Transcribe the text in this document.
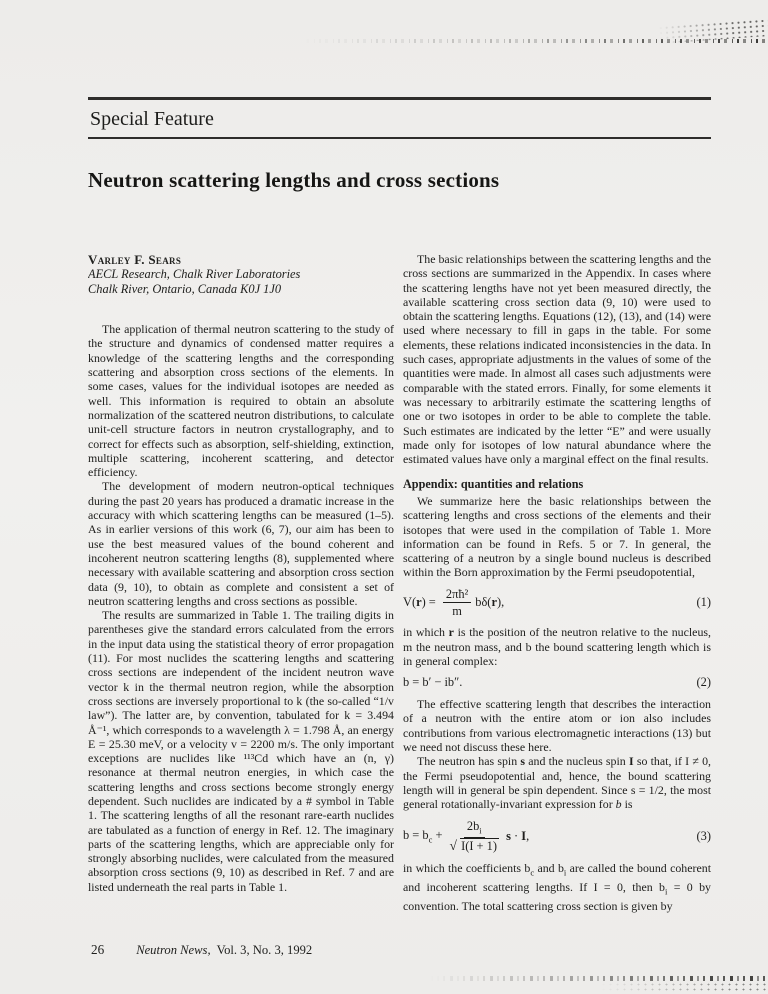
Special Feature
Neutron scattering lengths and cross sections
Varley F. Sears
AECL Research, Chalk River Laboratories
Chalk River, Ontario, Canada K0J 1J0

The application of thermal neutron scattering to the study of the structure and dynamics of condensed matter requires a knowledge of the scattering lengths and the corresponding scattering and absorption cross sections of the elements. In some cases, values for the individual isotopes are needed as well. This information is required to obtain an absolute normalization of the scattered neutron distributions, to calculate unit-cell structure factors in neutron crystallography, and to correct for effects such as absorption, self-shielding, extinction, multiple scattering, incoherent scattering, and detector efficiency.

The development of modern neutron-optical techniques during the past 20 years has produced a dramatic increase in the accuracy with which scattering lengths can be measured (1–5). As in earlier versions of this work (6, 7), our aim has been to use the best measured values of the bound coherent and incoherent neutron scattering lengths (8), supplemented where necessary with available scattering and absorption cross section data (9, 10), to obtain as complete and consistent a set of neutron scattering lengths and cross sections as possible.

The results are summarized in Table 1. The trailing digits in parentheses give the standard errors calculated from the errors in the input data using the statistical theory of error propagation (11). For most nuclides the scattering lengths and scattering cross sections are independent of the incident neutron wave vector k in the thermal neutron region, while the absorption cross sections are inversely proportional to k (the so-called “1/v law”). The latter are, by convention, tabulated for k = 3.494 Å⁻¹, which corresponds to a wavelength λ = 1.798 Å, an energy E = 25.30 meV, or a velocity v = 2200 m/s. The only important exceptions are nuclides like ¹¹³Cd which have an (n, γ) resonance at thermal neutron energies, in which case the scattering lengths and cross sections become strongly energy dependent. Such nuclides are indicated by a # symbol in Table 1. The scattering lengths of all the resonant rare-earth nuclides are tabulated as a function of energy in Ref. 12. The imaginary parts of the scattering lengths, which are appreciable only for strongly absorbing nuclides, were calculated from the measured absorption cross sections (9, 10) as described in Ref. 7 and are listed underneath the real parts in Table 1.

The basic relationships between the scattering lengths and the cross sections are summarized in the Appendix. In cases where the scattering lengths have not yet been measured directly, the available scattering cross section data (9, 10) were used to obtain the scattering lengths. Equations (12), (13), and (14) were used where necessary to fill in gaps in the table. For some elements, these relations indicated inconsistencies in the data. In such cases, appropriate adjustments in the values of some of the quantities were made. In almost all cases such adjustments were comparable with the stated errors. Finally, for some elements it was necessary to arbitrarily estimate the scattering lengths of one or two isotopes in order to be able to complete the table. Such estimates are indicated by the letter “E” and were usually made only for isotopes of low natural abundance where the estimated values have only a marginal effect on the final results.

Appendix: quantities and relations

We summarize here the basic relationships between the scattering lengths and cross sections of the elements and their isotopes that were used in the compilation of Table 1. More information can be found in Refs. 5 or 7. In general, the scattering of a neutron by a single bound nucleus is described within the Born approximation by the Fermi pseudopotential,

$V(r) = \frac{\text{2πħ²}}{m} b\delta(r)$,	(1)

in which r is the position of the neutron relative to the nucleus, m the neutron mass, and b the bound scattering length which is in general complex:

b = b′ − ib″.	(2)

The effective scattering length that describes the interaction of a neutron with the entire atom or ion also includes contributions from various electromagnetic interactions (13) but we need not discuss these here.

The neutron has spin s and the nucleus spin I so that, if I ≠ 0, the Fermi pseudopotential and, hence, the bound scattering length will in general be spin dependent. Since s = 1/2, the most general rotationally-invariant expression for b is

$b = b_c + \frac{2b_i}{√ I(I + 1)}$ s · I,	(3)

in which the coefficients $b_c$ and $b_i$ are called the bound coherent and incoherent scattering lengths. If I = 0, then $b_i = 0$ by convention. The total scattering cross section is given by

26	Neutron News, Vol. 3, No. 3, 1992
